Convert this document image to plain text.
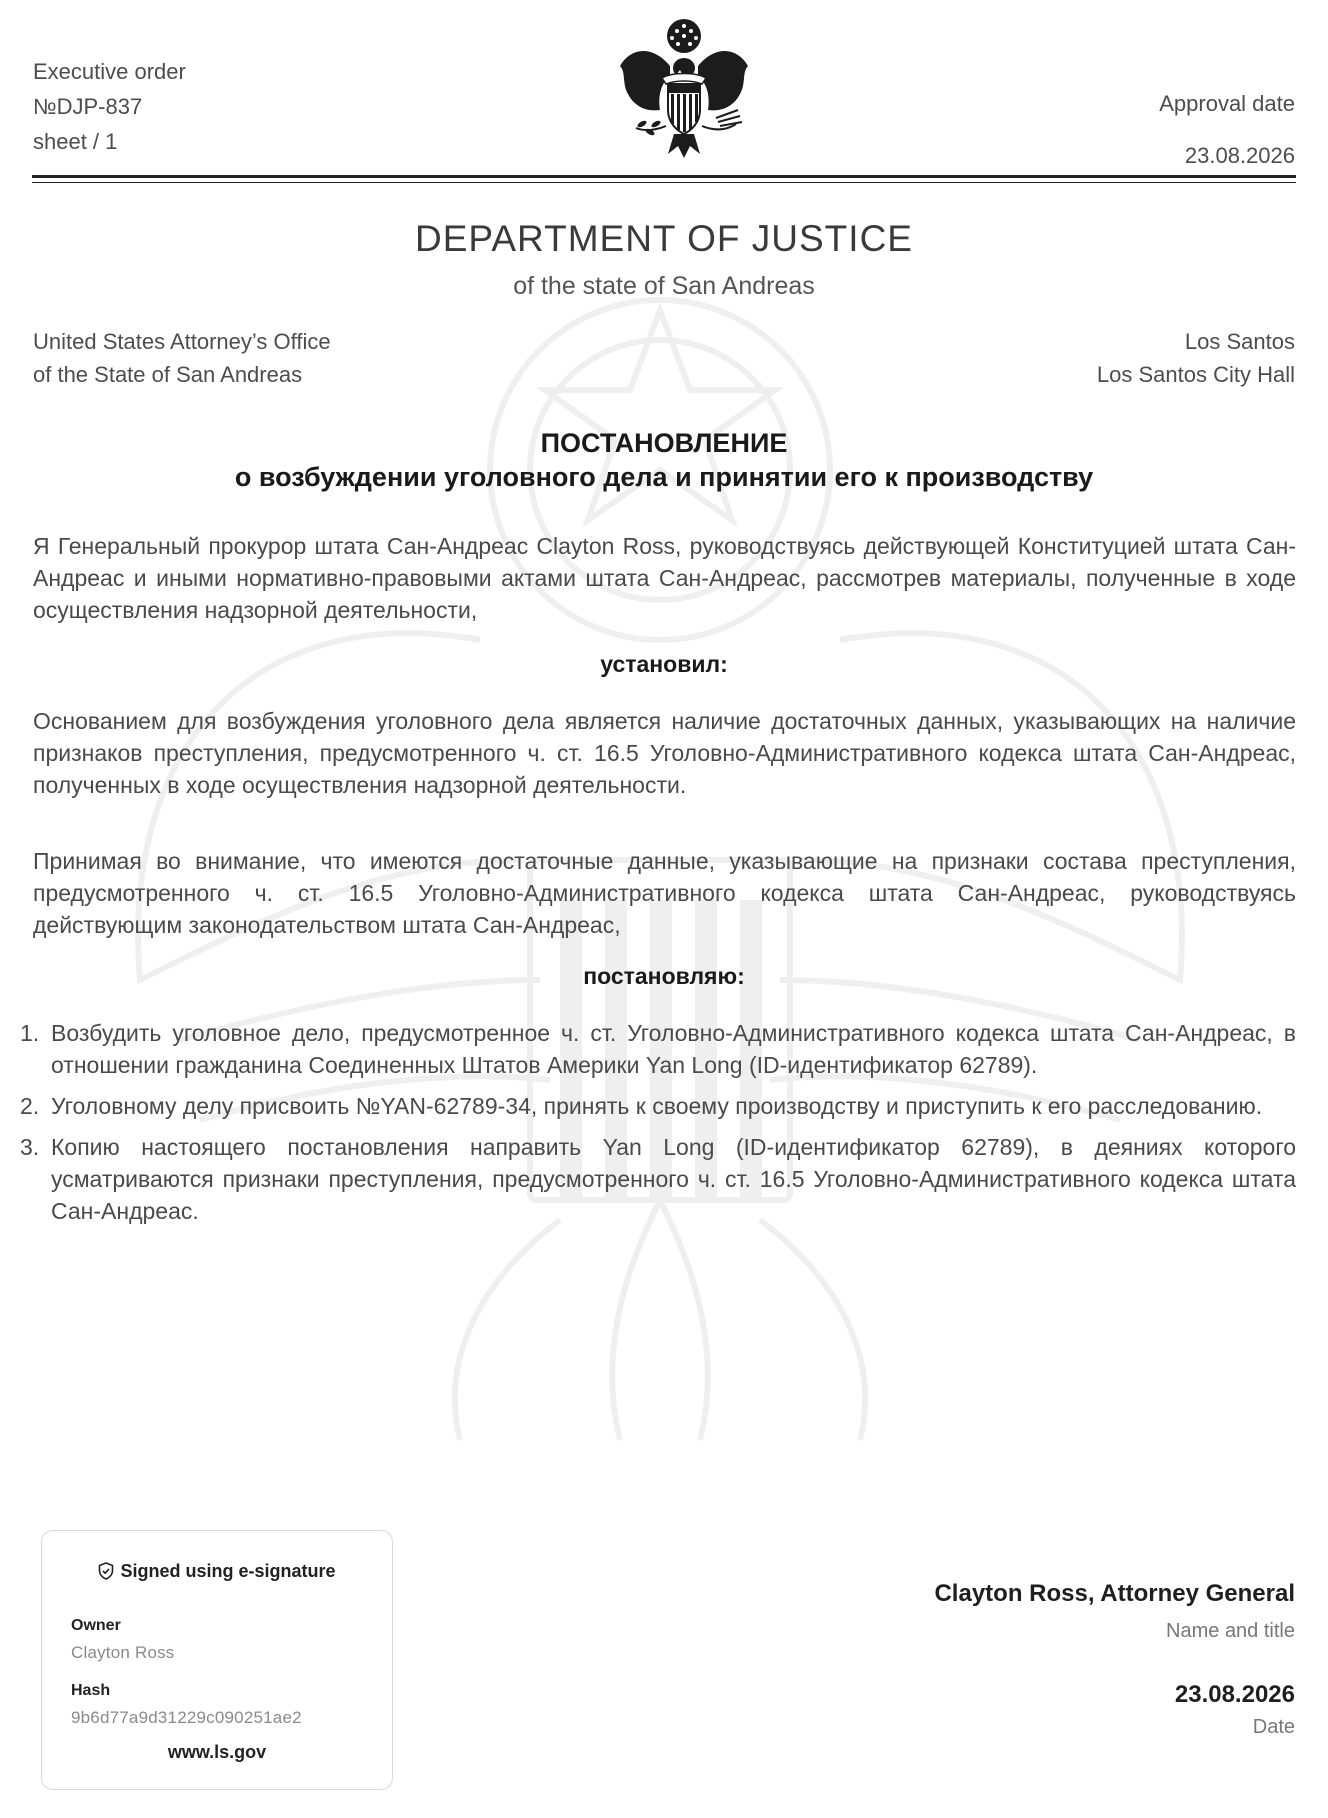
Executive order
№DJP-837
sheet / 1
Approval date
23.08.2026
DEPARTMENT OF JUSTICE
of the state of San Andreas
United States Attorney’s Office
of the State of San Andreas
Los Santos
Los Santos City Hall
ПОСТАНОВЛЕНИЕ
о возбуждении уголовного дела и принятии его к производству
Я Генеральный прокурор штата Сан-Андреас Clayton Ross, руководствуясь действующей Конституцией штата Сан-Андреас и иными нормативно-правовыми актами штата Сан-Андреас, рассмотрев материалы, полученные в ходе осуществления надзорной деятельности,
установил:
Основанием для возбуждения уголовного дела является наличие достаточных данных, указывающих на наличие признаков преступления, предусмотренного ч. ст. 16.5 Уголовно-Административного кодекса штата Сан-Андреас, полученных в ходе осуществления надзорной деятельности.
Принимая во внимание, что имеются достаточные данные, указывающие на признаки состава преступления, предусмотренного ч. ст. 16.5 Уголовно-Административного кодекса штата Сан-Андреас, руководствуясь действующим законодательством штата Сан-Андреас,
постановляю:
1. Возбудить уголовное дело, предусмотренное ч. ст. Уголовно-Административного кодекса штата Сан-Андреас, в отношении гражданина Соединенных Штатов Америки Yan Long (ID-идентификатор 62789).
2. Уголовному делу присвоить №YAN-62789-34, принять к своему производству и приступить к его расследованию.
3. Копию настоящего постановления направить Yan Long (ID-идентификатор 62789), в деяниях которого усматриваются признаки преступления, предусмотренного ч. ст. 16.5 Уголовно-Административного кодекса штата Сан-Андреас.
Signed using e-signature
Owner
Clayton Ross
Hash
9b6d77a9d31229c090251ae2
www.ls.gov
Clayton Ross, Attorney General
Name and title
23.08.2026
Date
